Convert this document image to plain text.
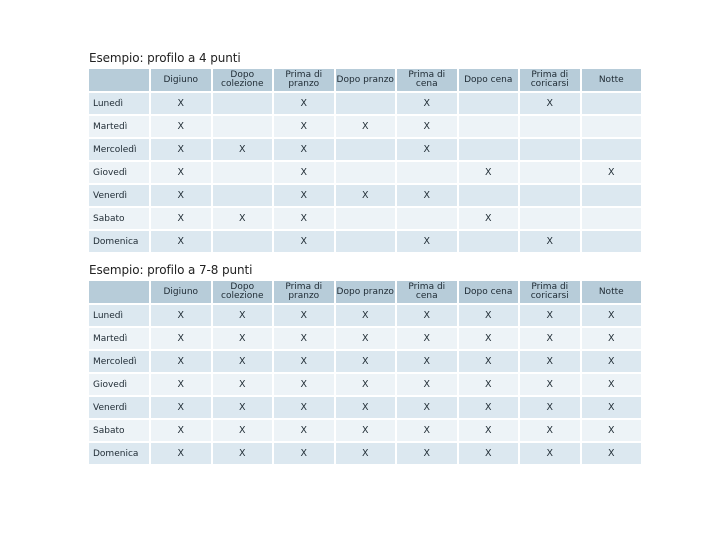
Esempio: profilo a 4 punti
	Digiuno	Dopo colezione	Prima di pranzo	Dopo pranzo	Prima di cena	Dopo cena	Prima di coricarsi	Notte
Lunedì	X		X		X		X	
Martedì	X		X	X	X			
Mercoledì	X	X	X		X			
Giovedì	X		X			X		X
Venerdì	X		X	X	X			
Sabato	X	X	X			X		
Domenica	X		X		X		X	
Esempio: profilo a 7-8 punti
	Digiuno	Dopo colezione	Prima di pranzo	Dopo pranzo	Prima di cena	Dopo cena	Prima di coricarsi	Notte
Lunedì	X	X	X	X	X	X	X	X
Martedì	X	X	X	X	X	X	X	X
Mercoledì	X	X	X	X	X	X	X	X
Giovedì	X	X	X	X	X	X	X	X
Venerdì	X	X	X	X	X	X	X	X
Sabato	X	X	X	X	X	X	X	X
Domenica	X	X	X	X	X	X	X	X
